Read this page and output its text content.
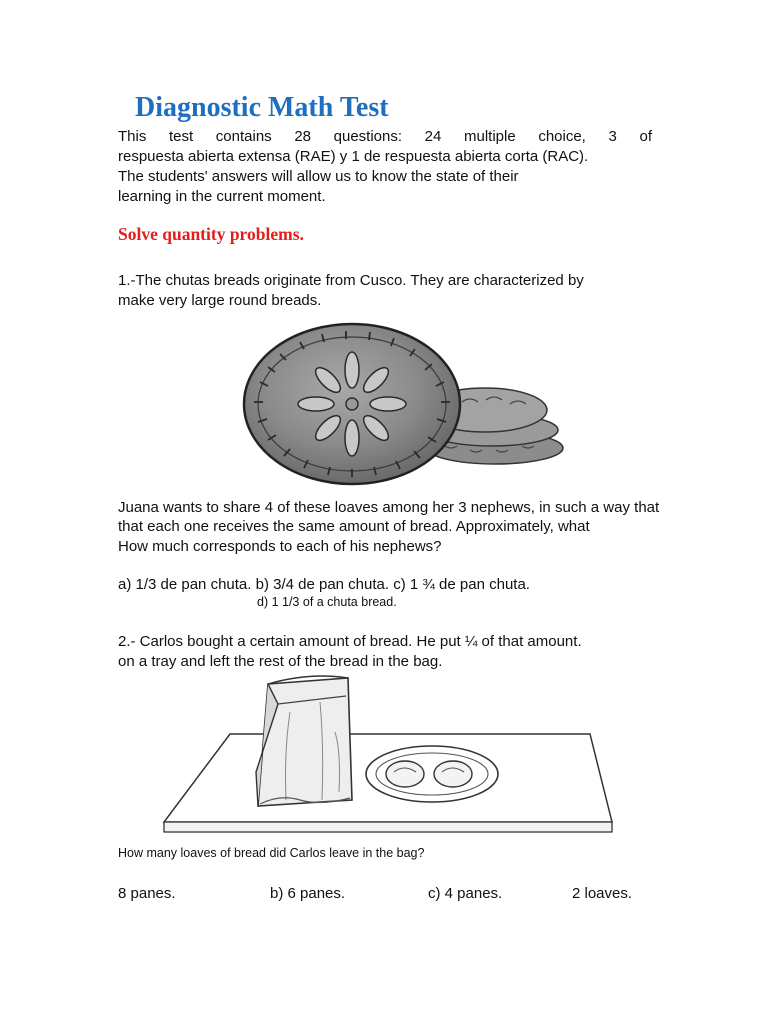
Diagnostic Math Test
This test contains 28 questions: 24 multiple choice, 3 of
respuesta abierta extensa (RAE) y 1 de respuesta abierta corta (RAC).
The students' answers will allow us to know the state of their
learning in the current moment.
Solve quantity problems.
1.-The chutas breads originate from Cusco. They are characterized by
make very large round breads.
Juana wants to share 4 of these loaves among her 3 nephews, in such a way that
that each one receives the same amount of bread. Approximately, what
How much corresponds to each of his nephews?
a) 1/3 de pan chuta. b) 3/4 de pan chuta. c) 1 ¾ de pan chuta.
d) 1 1/3 of a chuta bread.
2.- Carlos bought a certain amount of bread. He put ¼ of that amount.
on a tray and left the rest of the bread in the bag.
How many loaves of bread did Carlos leave in the bag?
8 panes.	b) 6 panes.	c) 4 panes.	2 loaves.
